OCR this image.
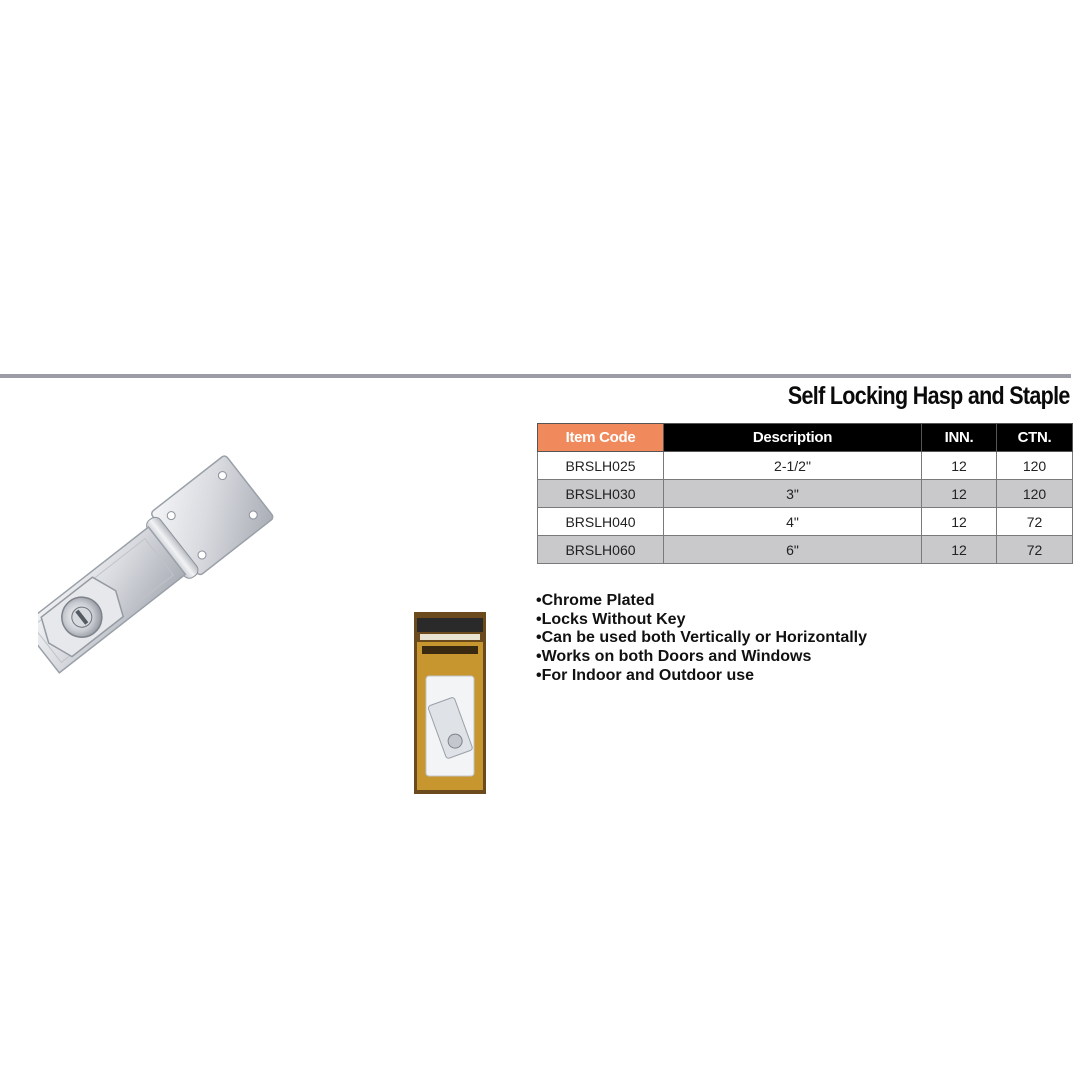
Self Locking Hasp and Staple
Item Code	Description	INN.	CTN.
BRSLH025	2-1/2"	12	120
BRSLH030	3"	12	120
BRSLH040	4"	12	72
BRSLH060	6"	12	72
• Chrome Plated
• Locks Without Key
• Can be used both Vertically or Horizontally
• Works on both Doors and Windows
• For Indoor and Outdoor use
